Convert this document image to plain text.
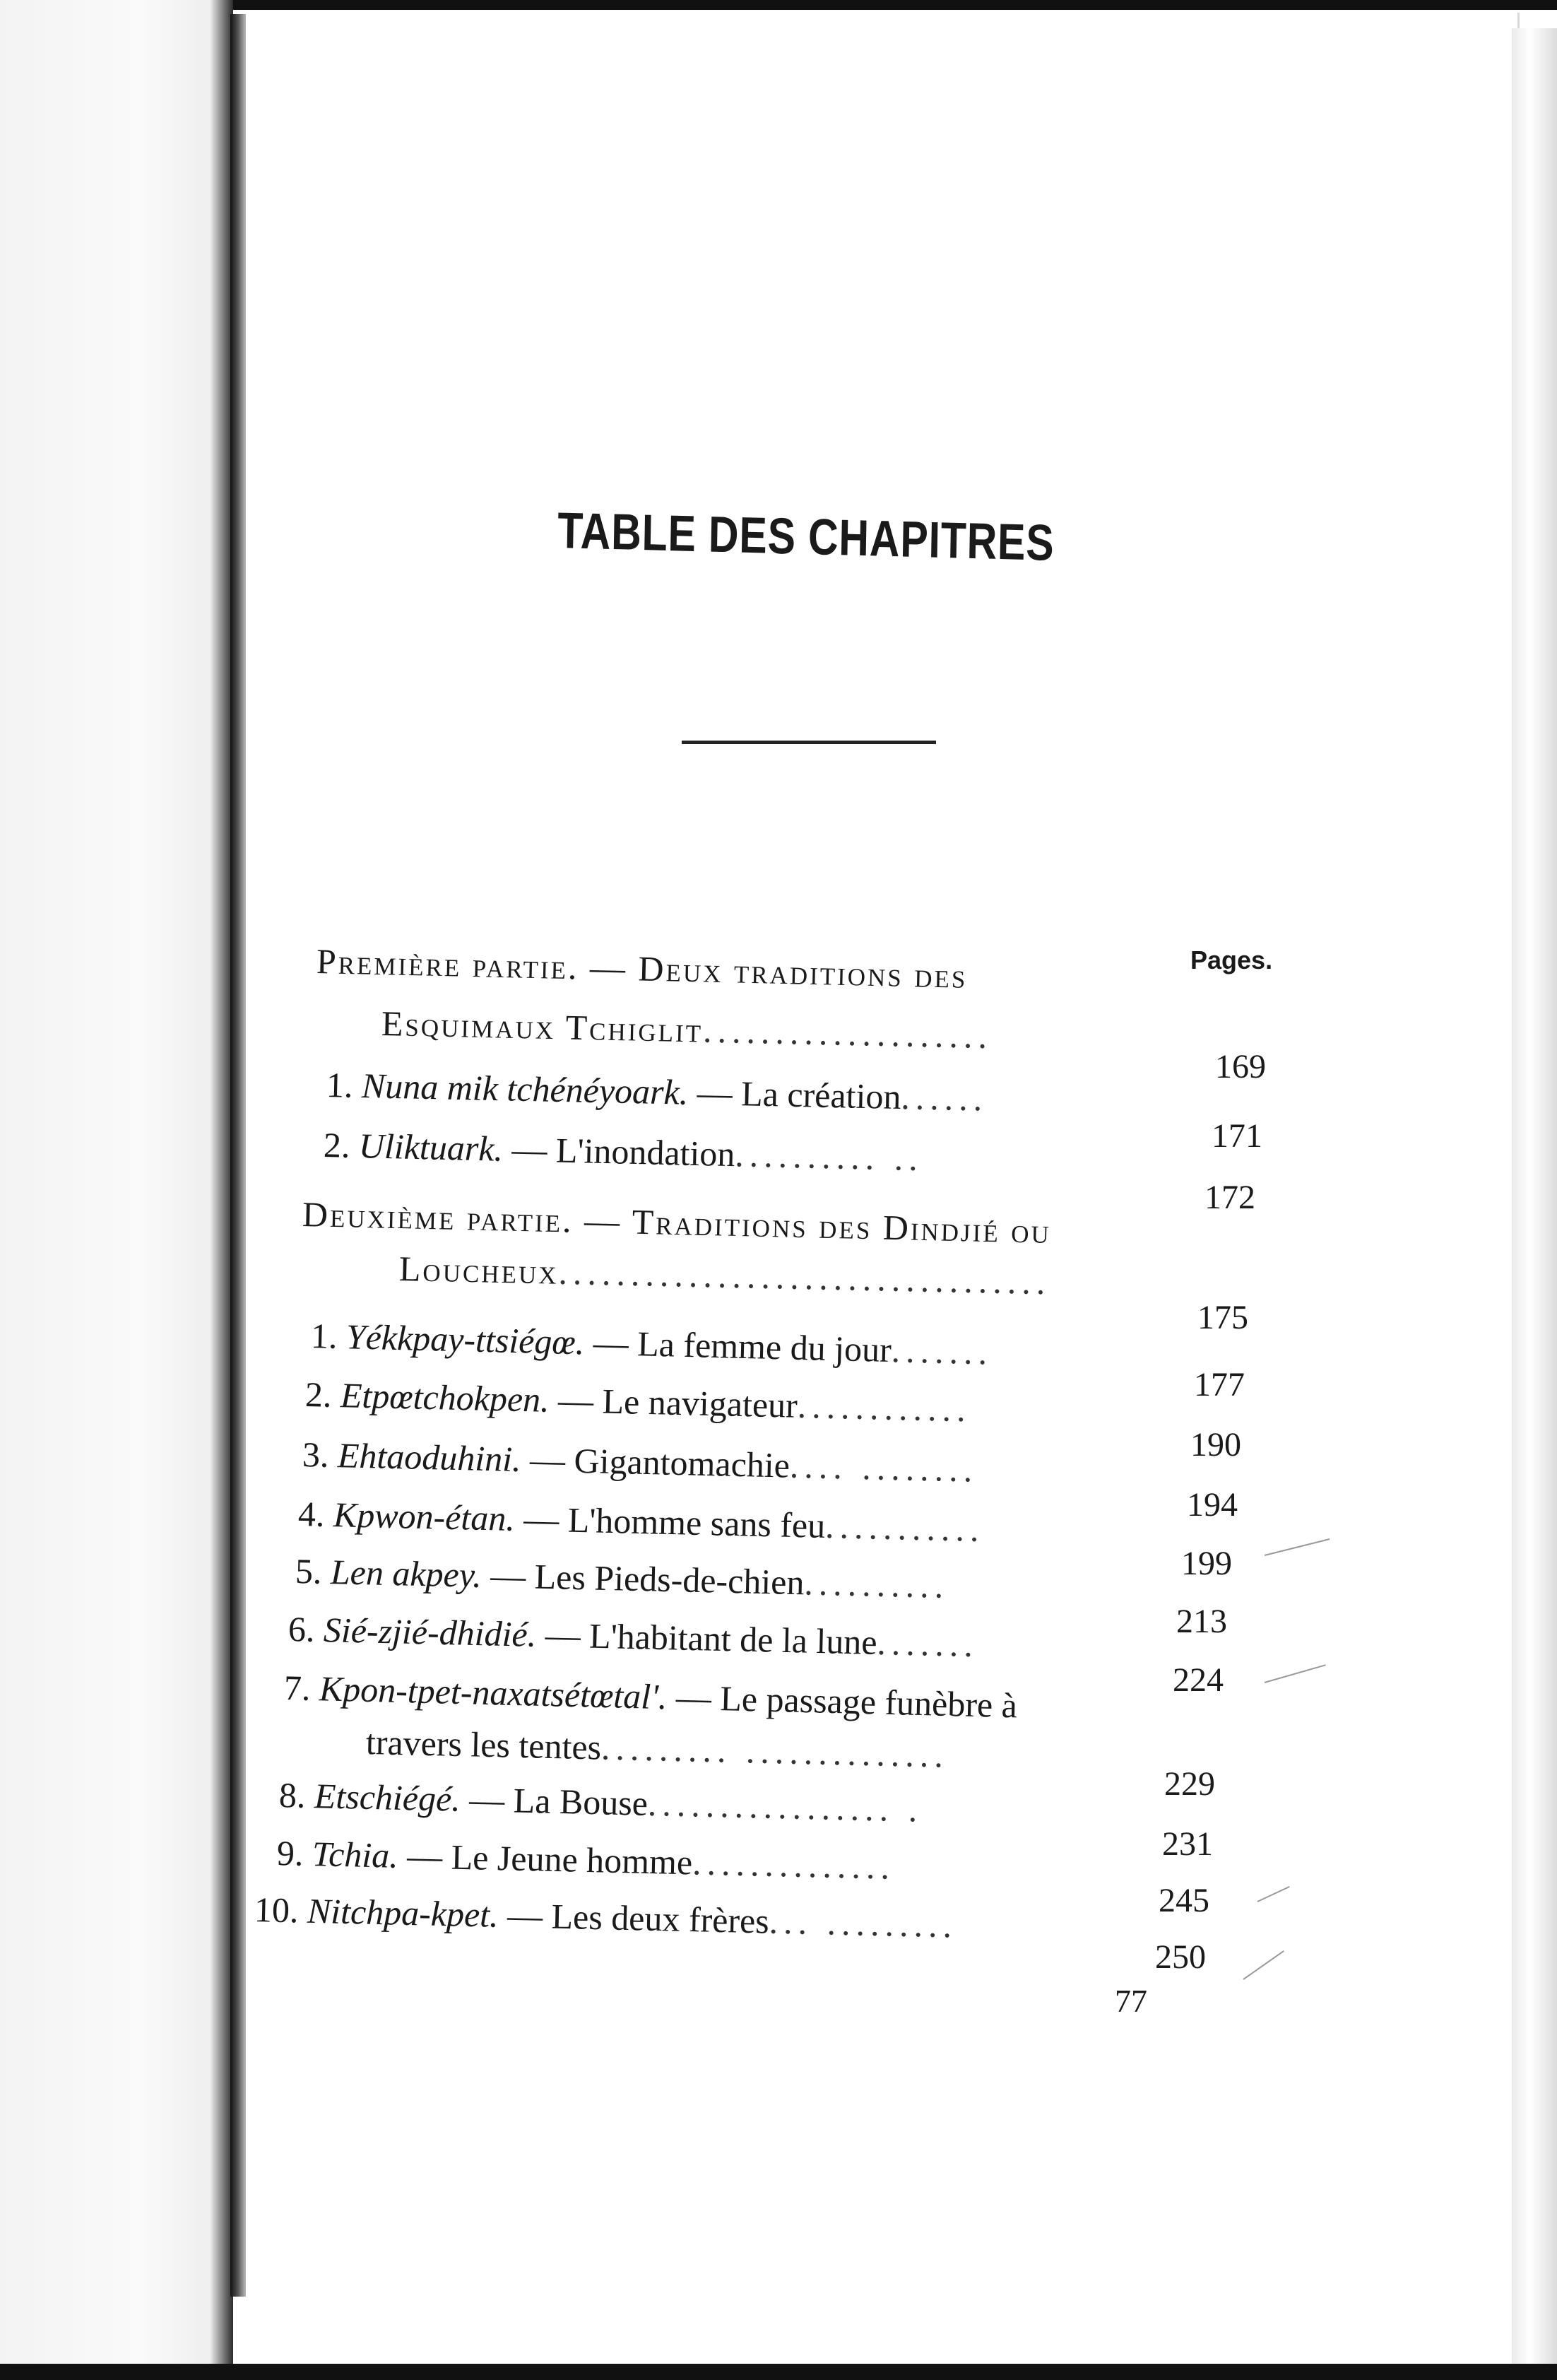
TABLE DES CHAPITRES
Pages.
Première partie. — Deux traditions des
Esquimaux Tchiglit....................
169
1. Nuna mik tchénéyoark. — La création......
171
2. Uliktuark. — L'inondation.......... ..
172
Deuxième partie. — Traditions des Dindjié ou
Loucheux..................................
175
1. Yékkpay-ttsiégœ. — La femme du jour.......
177
2. Etpœtchokpen. — Le navigateur............
190
3. Ehtaoduhini. — Gigantomachie.... ........
194
4. Kpwon-étan. — L'homme sans feu...........
199
5. Len akpey. — Les Pieds-de-chien..........
213
6. Sié-zjié-dhidié. — L'habitant de la lune.......
224
7. Kpon-tpet-naxatsétœtal'. — Le passage funèbre à
travers les tentes......... ..............
229
8. Etschiégé. — La Bouse................. .
231
9. Tchia. — Le Jeune homme..............
245
10. Nitchpa-kpet. — Les deux frères... .........
250
77
